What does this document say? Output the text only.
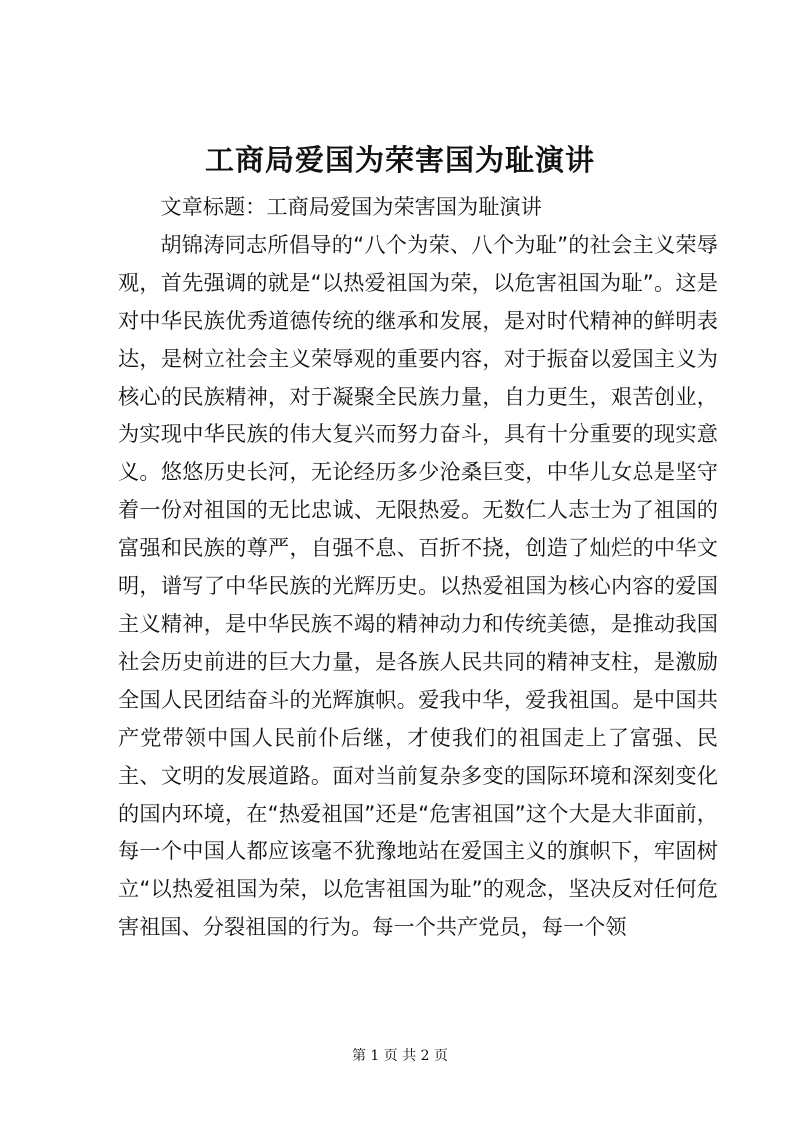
工商局爱国为荣害国为耻演讲

文章标题：工商局爱国为荣害国为耻演讲

胡锦涛同志所倡导的“八个为荣、八个为耻”的社会主义荣辱观，首先强调的就是“以热爱祖国为荣，以危害祖国为耻”。这是对中华民族优秀道德传统的继承和发展，是对时代精神的鲜明表达，是树立社会主义荣辱观的重要内容，对于振奋以爱国主义为核心的民族精神，对于凝聚全民族力量，自力更生，艰苦创业，为实现中华民族的伟大复兴而努力奋斗，具有十分重要的现实意义。悠悠历史长河，无论经历多少沧桑巨变，中华儿女总是坚守着一份对祖国的无比忠诚、无限热爱。无数仁人志士为了祖国的富强和民族的尊严，自强不息、百折不挠，创造了灿烂的中华文明，谱写了中华民族的光辉历史。以热爱祖国为核心内容的爱国主义精神，是中华民族不竭的精神动力和传统美德，是推动我国社会历史前进的巨大力量，是各族人民共同的精神支柱，是激励全国人民团结奋斗的光辉旗帜。爱我中华，爱我祖国。是中国共产党带领中国人民前仆后继，才使我们的祖国走上了富强、民主、文明的发展道路。面对当前复杂多变的国际环境和深刻变化的国内环境，在“热爱祖国”还是“危害祖国”这个大是大非面前，每一个中国人都应该毫不犹豫地站在爱国主义的旗帜下，牢固树立“以热爱祖国为荣，以危害祖国为耻”的观念，坚决反对任何危害祖国、分裂祖国的行为。每一个共产党员，每一个领

第 1 页 共 2 页
